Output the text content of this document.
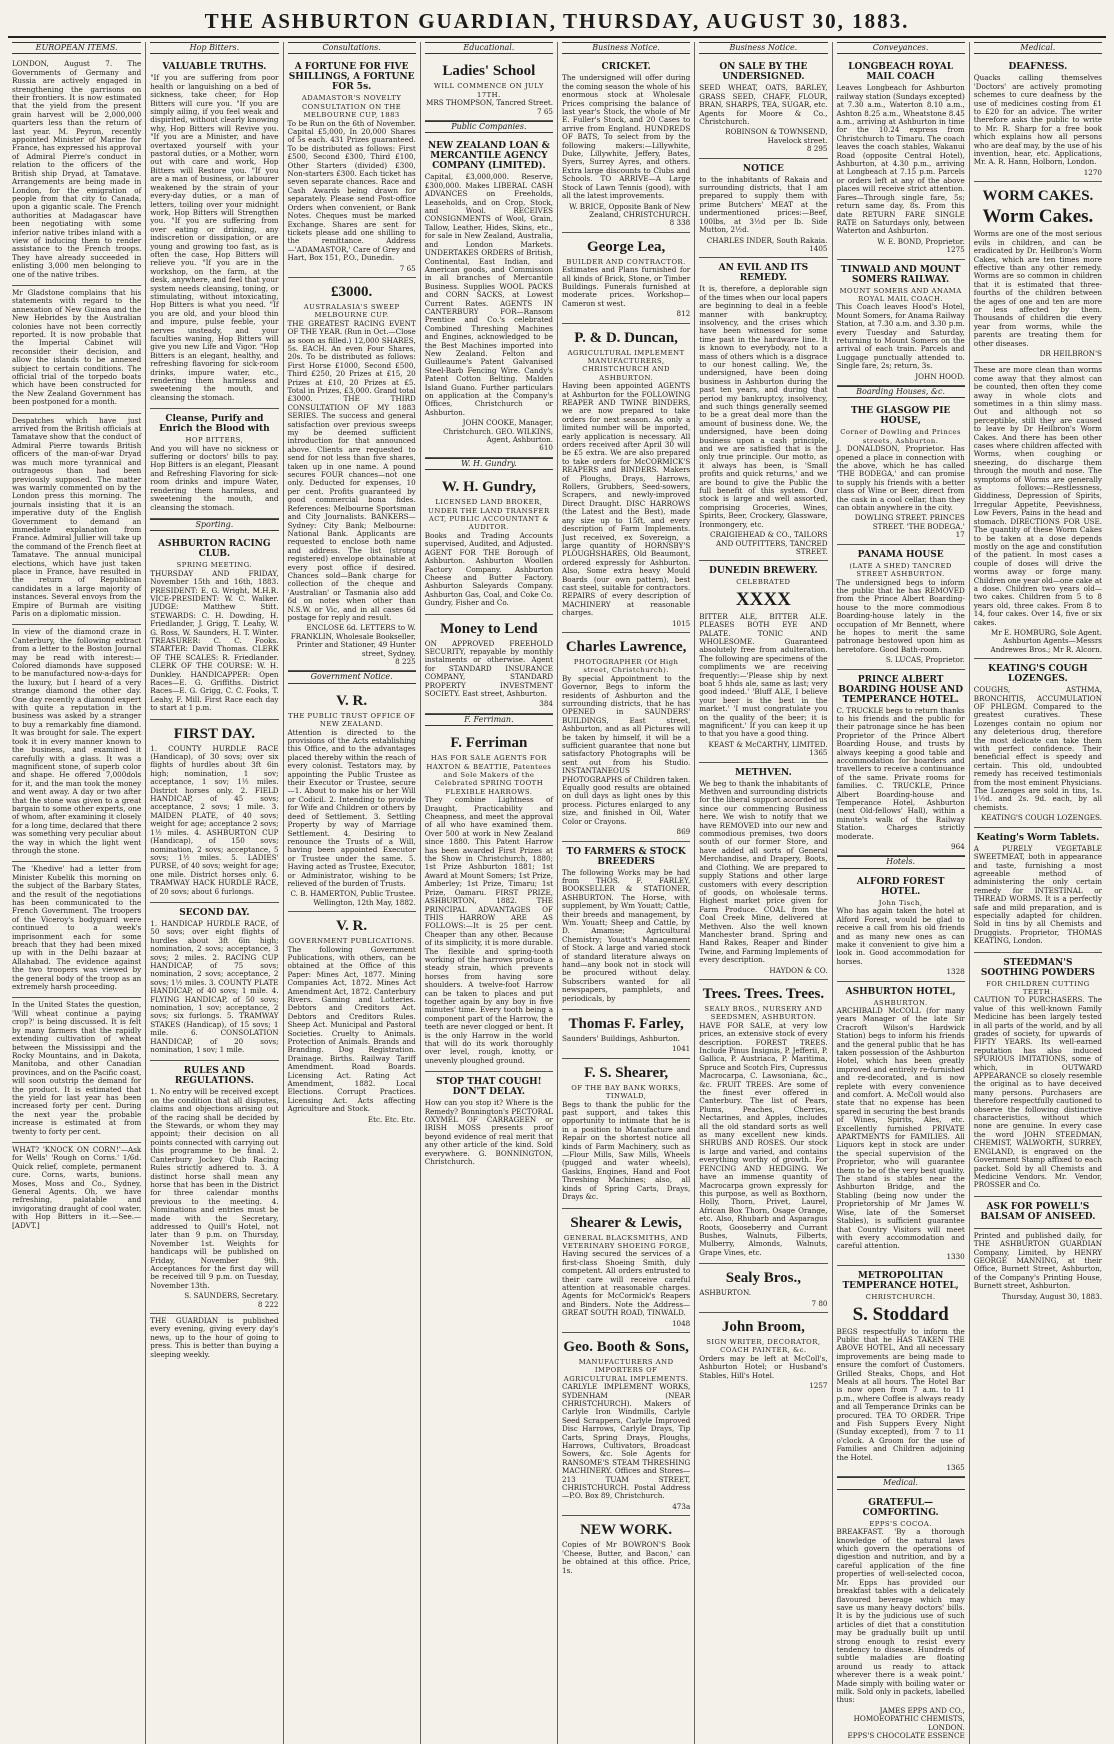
THE ASHBURTON GUARDIAN, THURSDAY, AUGUST 30, 1883.
EUROPEAN ITEMS.

LONDON, August 7. The Governments of Germany and Russia are actively engaged in strengthening the garrisons on their frontiers. It is now estimated that the yield from the present grain harvest will be 2,000,000 quarters less than the return of last year. M. Peyron, recently appointed Minister of Marine for France, has expressed his approval of Admiral Pierre's conduct in relation to the officers of the British ship Dryad, at Tamatave. Arrangements are being made in London, for the emigration of people from that city to Canada, upon a gigantic scale. The French authorities at Madagascar have been negotiating with some inferior native tribes inland with a view of inducing them to render assistance to the French troops. They have already succeeded in enlisting 3,000 men belonging to one of the native tribes.

Mr Gladstone complains that his statements with regard to the annexation of New Guinea and the New Hebrides by the Australian colonies have not been correctly reported. It is now probable that the Imperial Cabinet will reconsider their decision, and allow the islands to be annexed subject to certain conditions. The official trial of the torpedo boats which have been constructed for the New Zealand Government has been postponed for a month.

Despatches which have just arrived from the British officials at Tamatave show that the conduct of Admiral Pierre towards British officers of the man-of-war Dryad was much more tyrannical and outrageous than had been previously supposed. The matter was warmly commented on by the London press this morning. The journals insisting that it is an imperative duty of the English Government to demand an immediate explanation from France. Admiral Jullier will take up the command of the French fleet at Tamatave. The annual municipal elections, which have just taken place in France, have resulted in the return of Republican candidates in a large majority of instances. Several envoys from the Empire of Burmah are visiting Paris on a diplomatic mission.

In view of the diamond craze in Canterbury, the following extract from a letter to the Boston Journal may be read with interest:—Colored diamonds have supposed to be manufactured now-a-days for the luxury, but I heard of a very strange diamond the other day. One day recently a diamond expert with quite a reputation in the business was asked by a stranger to buy a remarkably fine diamond. It was brought for sale. The expert took it in every manner known to the business, and examined it carefully with a glass. It was a magnificent stone, of superb color and shape. He offered 7,000dols for it, and the man took the money and went away. A day or two after that the stone was given to a great bargain to some other experts, one of whom, after examining it closely for a long time, declared that there was something very peculiar about the way in which the light went through the stone.

The 'Khedive' had a letter from Minister Kubelik this morning on the subject of the Barbary States, and the result of the negotiations has been communicated to the French Government. The troopers of the Viceroy's bodyguard were continued to a week's imprisonment each for some breach that they had been mixed up with in the Delhi bazaar at Allahabad. The evidence against the two troopers was viewed by the general body of the troop as an extremely harsh proceeding.

In the United States the question, 'Will wheat continue a paying crop?' is being discussed. It is felt by many farmers that the rapidly extending cultivation of wheat between the Mississippi and the Rocky Mountains, and in Dakota, Manitoba, and other Canadian provinces, and on the Pacific coast, will soon outstrip the demand for the product. It is estimated that the yield for last year has been increased forty per cent. During the next year the probable increase is estimated at from twenty to forty per cent.

WHAT? 'KNOCK ON CORN!'—Ask for Wells' 'Rough on Corns.' 1/6d. Quick relief, complete, permanent cure. Corns, warts, bunions. Moses, Moss and Co., Sydney, General Agents. Oh, we have refreshing, palatable and invigorating draught of cool water, with Hop Bitters in it.—See.—[ADVT.]

Hop Bitters.
VALUABLE TRUTHS.

"If you are suffering from poor health or languishing on a bed of sickness, take cheer, for Hop Bitters will cure you. "If you are simply ailing, if you feel weak and dispirited, without clearly knowing why, Hop Bitters will Revive you. "If you are a Minister, and have overtaxed yourself with your pastoral duties, or a Mother, worn out with care and work, Hop Bitters will Restore you. "If you are a man of business, or labourer weakened by the strain of your every-day duties, or a man of letters, toiling over your midnight work, Hop Bitters will Strengthen you. "If you are suffering from over eating or drinking, any indiscretion or dissipation, or are young and growing too fast, as is often the case, Hop Bitters will relieve you. "If you are in the workshop, on the farm, at the desk, anywhere, and feel that your system needs cleansing, toning, or stimulating, without intoxicating, Hop Bitters is what you need. "If you are old, and your blood thin and impure, pulse feeble, your nerves unsteady, and your faculties waning, Hop Bitters will give you new Life and Vigor. "Hop Bitters is an elegant, healthy, and refreshing flavoring for sick-room drinks, impure water, etc., rendering them harmless and sweetening the mouth, and cleansing the stomach.

Cleanse, Purify and Enrich the Blood with
HOP BITTERS,

And you will have no sickness or suffering or doctors' bills to pay. Hop Bitters is an elegant, Pleasant and Refreshing Flavoring for sick-room drinks and impure Water, rendering them harmless, and sweetening the mouth, and cleansing the stomach.

Sporting.
ASHBURTON RACING CLUB.
SPRING MEETING.

THURSDAY AND FRIDAY, November 15th and 16th, 1883. PRESIDENT: E. G. Wright, M.H.R. VICE-PRESIDENT: W. C. Walker. JUDGE: Matthew Stitt. STEWARDS: C. H. Dowding, H. Friedlander, J. Grigg, T. Leahy, W. G. Ross, W. Saunders, H. T. Winter. TREASURER: C. C. Fooks. STARTER: David Thomas. CLERK OF THE SCALES: R. Friedlander. CLERK OF THE COURSE: W. H. Dunkley. HANDICAPPER: Open Races—E. G. Griffiths. District Races—E. G. Grigg, C. C. Fooks, T. Leahy, F. Mill. First Race each day to start at 1 p.m.

FIRST DAY.

1. COUNTY HURDLE RACE (Handicap), of 30 sovs; over six flights of hurdles about 3ft 6in high; nomination, 1 sov; acceptance, 1 sov; 1½ miles. District horses only. 2. FIELD HANDICAP, of 45 sovs; acceptance, 2 sovs; 1 mile. 3. MAIDEN PLATE, of 40 sovs; weight for age; acceptance 2 sovs; 1½ miles. 4. ASHBURTON CUP (Handicap), of 150 sovs; nomination, 2 sovs; acceptance, 5 sovs; 1½ miles. 5. LADIES' PURSE, of 40 sovs; weight for age; one mile. District horses only. 6. TRAMWAY HACK HURDLE RACE, of 20 sovs; about 6 furlongs.

SECOND DAY.

1. HANDICAP HURDLE RACE, of 50 sovs; over eight flights of hurdles about 3ft 6in high; nomination, 2 sovs; acceptance, 3 sovs; 2 miles. 2. RACING CUP HANDICAP, of 75 sovs; nomination, 2 sovs; acceptance, 2 sovs; 1½ miles. 3. COUNTY PLATE HANDICAP, of 40 sovs; 1 mile. 4. FLYING HANDICAP, of 50 sovs; nomination, 1 sov; acceptance, 2 sovs; six furlongs. 5. TRAMWAY STAKES (Handicap), of 15 sovs; 1 mile. 6. CONSOLATION HANDICAP, of 20 sovs; nomination, 1 sov; 1 mile.

RULES AND REGULATIONS.

1. No entry will be received except on the condition that all disputes, claims and objections arising out of the racing shall be decided by the Stewards, or whom they may appoint; their decision on all points connected with carrying out this programme to be final. 2. Canterbury Jockey Club Racing Rules strictly adhered to. 3. A distinct horse shall mean any horse that has been in the District for three calendar months previous to the meeting. 4. Nominations and entries must be made with the Secretary, addressed to Quill's Hotel, not later than 9 p.m. on Thursday, November 1st. Weights for handicaps will be published on Friday, November 9th. Acceptances for the first day will be received till 9 p.m. on Tuesday, November 13th.

S. SAUNDERS, Secretary.
8 222

THE GUARDIAN is published every evening, giving every day's news, up to the hour of going to press. This is better than buying a sleeping weekly.

Consultations.
A FORTUNE FOR FIVE SHILLINGS, A FORTUNE FOR 5s.
ADAMASTOR'S NOVELTY CONSULTATION ON THE MELBOURNE CUP, 1883

To be Run on the 6th of November. Capital £5,000, In 20,000 Shares of 5s each. 431 Prizes guaranteed. To be distributed as follows: First £500, Second £300, Third £100, Other Starters (divided) £300, Non-starters £300. Each ticket has seven separate chances. Race and Cash Awards being drawn for separately. Please send Post-office Orders when convenient, or Bank Notes. Cheques must be marked Exchange. Shares are sent for tickets please add one shilling to the remittance. Address—'ADAMASTOR,' Care of Grey and Hart, Box 151, P.O., Dunedin.

7 65
£3000.
AUSTRALASIA'S SWEEP MELBOURNE CUP.

THE GREATEST RACING EVENT OF THE YEAR. (Run in Oct.—Close as soon as filled.) 12,000 SHARES, 5s. EACH. An even Four Shares, 20s. To be distributed as follows: First Horse £1000, Second £500, Third £250, 20 Prizes at £15, 20 Prizes at £10, 20 Prizes at £5. Total in Prizes, £3,000. Grand total £3000. THE THIRD CONSULTATION OF MY 1883 SERIES. The success and general satisfaction over previous sweeps my be deemed sufficient introduction for that announced above. Clients are requested to send for not less than five shares, taken up in one name. A pound secures FOUR chances—not one only. Deducted for expenses, 10 per cent. Profits guaranteed by good commercial bona fides. References: Melbourne Sportsman and City Journalists. BANKERS—Sydney: City Bank; Melbourne: National Bank. Applicants are requested to enclose both name and address. The list (strong registered) envelope obtainable at every post office if desired. Chances sold—Bank charge for collection of the cheque and 'Australian' or Tasmania also add 6d on notes when other than N.S.W. or Vic, and in all cases 6d postage for reply and result.

ENCLOSE 6d. LETTERS to W. FRANKLIN, Wholesale Bookseller, Printer and Stationer, 49 Hunter street, Sydney.
8 225
Government Notice.
V. R.
THE PUBLIC TRUST OFFICE OF NEW ZEALAND.

Attention is directed to the provisions of the Acts establishing this Office, and to the advantages placed thereby within the reach of every colonist. Testators may, by appointing the Public Trustee as their Executor or Trustee, secure—1. About to make his or her Will or Codicil. 2. Intending to provide for Wife and Children or others by deed of Settlement. 3. Settling Property by way of Marriage Settlement. 4. Desiring to renounce the Trusts of a Will, having been appointed Executor or Trustee under the same. 5. Having acted as Trustee, Executor, or Administrator, wishing to be relieved of the burden of Trusts.

C. B. HAMERTON, Public Trustee. Wellington, 12th May, 1882.
V. R.
GOVERNMENT PUBLICATIONS.

The following Government Publications, with others, can be obtained at the Office of this Paper: Mines Act, 1877. Mining Companies Act, 1872. Mines Act Amendment Act, 1872. Canterbury Rivers. Gaming and Lotteries. Debtors and Creditors Act. Debtors and Creditors Rules. Sheep Act. Municipal and Pastoral Societies. Cruelty to Animals. Protection of Animals. Brands and Branding. Dog Registration. Drainage. Births. Railway Tariff Amendment. Road Boards. Licensing Act. Rating Act Amendment, 1882. Local Elections. Corrupt Practices. Licensing Act. Acts affecting Agriculture and Stock.

Etc. Etc. Etc.
Educational.
Ladies' School
WILL COMMENCE ON JULY 17TH.
MRS THOMPSON, Tancred Street.
7 65
Public Companies.
NEW ZEALAND LOAN & MERCANTILE AGENCY COMPANY (LIMITED).

Capital, £3,000,000. Reserve, £300,000. Makes LIBERAL CASH ADVANCES on Freeholds, Leaseholds, and on Crop, Stock, and Wool. RECEIVES CONSIGNMENTS of Wool, Grain, Tallow, Leather, Hides, Skins, etc., for sale in New Zealand, Australia, and London Markets. UNDERTAKES ORDERS of British, Continental, East Indian, and American goods, and Commission in all branches of Mercantile Business. Supplies WOOL PACKS and CORN SACKS, at Lowest Current Rates. AGENTS IN CANTERBURY FOR—Ransom Prentice and Co.'s celebrated Combined Threshing Machines and Engines, acknowledged to be the Best Machines imported into New Zealand. Felton and Guilleaume's Patent Galvanised Steel-Barb Fencing Wire. Candy's Patent Cotton Belting. Malden Island Guano. Further particulars on application at the Company's Offices, Christchurch or Ashburton.

JOHN COOKE, Manager, Christchurch. GEO. WILKINS, Agent, Ashburton.
610
W. H. Gundry.
W. H. Gundry,
LICENSED LAND BROKER, UNDER THE LAND TRANSFER ACT, PUBLIC ACCOUNTANT & AUDITOR.

Books and Trading Accounts supervised, Audited, and Adjusted. AGENT FOR THE Borough of Ashburton. Ashburton Woollen Factory Company. Ashburton Cheese and Butter Factory. Ashburton Saleyards Company. Ashburton Gas, Coal, and Coke Co. Gundry, Fisher and Co.

Money to Lend

ON APPROVED FREEHOLD SECURITY, repayable by monthly instalments or otherwise. Agent for STANDARD INSURANCE COMPANY, STANDARD PROPERTY INVESTMENT SOCIETY. East street, Ashburton.

384
F. Ferriman.
F. Ferriman
HAS FOR SALE AGENTS FOR HAXTON & BEATTIE, Patentees and Sole Makers of the Celebrated SPRING TOOTH FLEXIBLE HARROWS.

They combine Lightness of Draught, Practicability and Cheapness, and meet the approval of all who have examined them. Over 500 at work in New Zealand since 1880. This Patent Harrow has been awarded First Prizes at the Show in Christchurch, 1880; 1st Prize Ashburton 1881; 1st Award at Mount Somers; 1st Prize, Amberley; 1st Prize, Timaru; 1st Prize, Oamaru. FIRST PRIZE, ASHBURTON, 1882. THE PRINCIPAL ADVANTAGES OF THIS HARROW ARE AS FOLLOWS:—It is 25 per cent. Cheaper than any other. Because of its simplicity, it is more durable. The flexible and spring-tooth working of the harrows produce a steady strain, which prevents horses from having sore shoulders. A twelve-foot Harrow can be taken to places and put together again by any boy in five minutes' time. Every tooth being a component part of the Harrow, the teeth are never clogged or bent. It is the only Harrow in the world that will do its work thoroughly over level, rough, knotty, or unevenly ploughed ground.

STOP THAT COUGH! DON'T DELAY.

How can you stop it? Where is the Remedy? Bonnington's PECTORAL OXYMEL OF CARRAGEEN or IRISH MOSS presents proof beyond evidence of real merit that any other article of the kind. Sold everywhere. G. BONNINGTON, Christchurch.

Business Notice.
CRICKET.

The undersigned will offer during the coming season the whole of his enormous stock at Wholesale Prices comprising the balance of last year's Stock, the whole of Mr E. Fuller's Stock, and 20 Cases to arrive from England. HUNDREDS OF BATS, To select from by the following makers:—Lillywhite, Duke, Lillywhite, Jeffery, Bates, Syers, Surrey Ayres, and others. Extra large discounts to Clubs and Schools. TO ARRIVE—A Large Stock of Lawn Tennis (good), with all the latest improvements.

W. BRICE, Opposite Bank of New Zealand, CHRISTCHURCH.
8 338
George Lea,
BUILDER AND CONTRACTOR.

Estimates and Plans furnished for all kinds of Brick, Stone, or Timber Buildings. Funerals furnished at moderate prices. Workshop—Cameron st west.

812
P. & D. Duncan,
AGRICULTURAL IMPLEMENT MANUFACTURERS, CHRISTCHURCH AND ASHBURTON.

Having been appointed AGENTS at Ashburton for the FOLLOWING REAPER AND TWINE BINDERS, we are now prepared to take orders for next season. As only a limited number will be imported, early application is necessary. All orders received after April 30 will be £5 extra. We are also prepared to take orders for McCORMICK'S REAPERS and BINDERS. Makers of Ploughs, Drays, Harrows, Rollers, Grubbers, Seed-sowers, Scrapers, and newly-improved Direct Draught. DISC HARROWS (the Latest and the Best), made any size up to 15ft, and every description of Farm Implements. Just received, ex Sovereign, a large quantity of HORNSBY'S PLOUGHSHARES, Old Beaumont, ordered expressly for Ashburton. Also, Some extra heavy Mould Boards (our own pattern), best cast steel, suitable for contractors. REPAIRS of every description of MACHINERY at reasonable charges.

1015
Charles Lawrence,
PHOTOGRAPHER (Of High street, Christchurch).

By special Appointment to the Governor, Begs to inform the residents of Ashburton and the surrounding districts, that he has OPENED in SAUNDERS' BUILDINGS, East street, Ashburton, and as all Pictures will be taken by himself, it will be a sufficient guarantee that none but satisfactory Photographs will be sent out from his Studio. INSTANTANEOUS PHOTOGRAPHS of Children taken. Equally good results are obtained on dull days as light ones by this process. Pictures enlarged to any size, and finished in Oil, Water Color or Crayons.

869
TO FARMERS & STOCK BREEDERS

The following Works may be had from THOS. F. FARLEY, BOOKSELLER & STATIONER, ASHBURTON. The Horse, with supplement, by Wm Youatt; Cattle, their breeds and management, by Wm. Youatt; Sheep and Cattle, by D. Amamse; Agricultural Chemistry; Youatt's Management of Stock. A large and varied stock of standard literature always on hand—any book not in stock will be procured without delay. Subscribers wanted for all newspapers, pamphlets, and periodicals, by

Thomas F. Farley,

Saunders' Buildings, Ashburton.

1041
F. S. Shearer,
OF THE BAY BANK WORKS, TINWALD,

Begs to thank the public for the past support, and takes this opportunity to intimate that he is in a position to Manufacture and Repair on the shortest notice all kinds of Farm Machinery, such as—Flour Mills, Saw Mills, Wheels (pugged and water wheels), Gaskins, Engines, Hand and Foot Threshing Machines; also, all kinds of Spring Carts, Drays, Drays &c.

Shearer & Lewis,
GENERAL BLACKSMITHS, AND VETERINARY SHOEING FORGE,

Having secured the services of a first-class Shoeing Smith, duly competent. All orders entrusted to their care will receive careful attention at reasonable charges. Agents for McCormick's Reapers and Binders. Note the Address—GREAT SOUTH ROAD, TINWALD.

1048
Geo. Booth & Sons,
MANUFACTURERS AND IMPORTERS OF AGRICULTURAL IMPLEMENTS.

CARLYLE IMPLEMENT WORKS, SYDENHAM (NEAR CHRISTCHURCH). Makers of Carlyle Iron Windmills, Carlyle Seed Scrappers, Carlyle Improved Disc Harrows, Carlyle Drays, Tip Carts, Spring Drays, Ploughs, Harrows, Cultivators, Broadcast Sowers, &c. Sole Agents for RANSOME'S STEAM THRESHING MACHINERY. Offices and Stores—213 TUAM STREET, CHRISTCHURCH. Postal Address—P.O. Box 89, Christchurch.

473a
NEW WORK.

Copies of Mr BOWRON'S Book 'Cheese, Butter, and Bacon,' can be obtained at this office. Price, 1s.

Business Notice.
ON SALE BY THE UNDERSIGNED.

SEED WHEAT, OATS, BARLEY, GRASS SEED, CHAFF, FLOUR, BRAN, SHARPS, TEA, SUGAR, etc. Agents for Moore & Co., Christchurch.

ROBINSON & TOWNSEND, Havelock street.
8 295
NOTICE

to the inhabitants of Rakaia and surrounding districts, that I am prepared to supply them with prime Butchers' MEAT at the undermentioned prices:—Beef, 100lbs, at 3½d per lb. Side Mutton, 2½d.

CHARLES INDER, South Rakaia.
1405
AN EVIL AND ITS REMEDY.

It is, therefore, a deplorable sign of the times when our local papers are beginning to deal in a feeble manner with bankruptcy, insolvency, and the crises which have been witnessed for some time past in the hardware line. It is known to everybody, not to a mass of others which is a disgrace to our honest calling. We, the undersigned, have been doing business in Ashburton during the past ten years, and during that period my bankruptcy, insolvency, and such things generally seemed to be a great deal more than the amount of business done. We, the undersigned, have been doing business upon a cash principle, and we are satisfied that is the only true principle. Our motto, as it always has been, is 'Small profits and quick returns,' and we are bound to give the Public the full benefit of this system. Our stock is large and well assorted, comprising Groceries, Wines, Spirits, Beer, Crockery, Glassware, Ironmongery, etc.

CRAIGIEHEAD & CO., TAILORS AND OUTFITTERS, TANCRED STREET.
DUNEDIN BREWERY.
CELEBRATED
XXXX

BITTER ALE, BITTER ALE. PLEASES BOTH EYE AND PALATE. TONIC AND WHOLESOME. Guaranteed absolutely free from adulteration. The following are specimens of the compliments we are receiving frequently:—'Please ship by next boat 5 hhds ale, same as last; very good indeed.' 'Bluff ALE, I believe your beer is the best in the market.' 'I must congratulate you on the quality of the beer; it is magnificent.' If you can keep it up to that you have a good thing.

KEAST & McCARTHY, LIMITED.
1365
METHVEN.

We beg to thank the inhabitants of Methven and surrounding districts for the liberal support accorded us since our commencing Business here. We wish to notify that we have REMOVED into our new and commodious premises, two doors south of our former Store, and have added all sorts of General Merchandise, and Drapery, Boots, and Clothing. We are prepared to supply Stations and other large customers with every description of goods, on wholesale terms. Highest market price given for Farm Produce. COAL from the Coal Creek Mine, delivered at Methven. Also the well known Manchester brand. Spring and Hand Rakes, Reaper and Binder Twine, and Farming Implements of every description.

HAYDON & CO.
Trees. Trees. Trees.
SEALY BROS., NURSERY AND SEEDSMEN, ASHBURTON.

HAVE FOR SALE, at very low prices, an extensive stock of every description. FOREST TREES. Include Pinus Insignis, P. Jefferii, P. Gallica, P. Austriaca, P. Maritima, Spruce and Scotch Firs, Cupressus Macrocarpa, C. Lawsoniana, &c., &c. FRUIT TREES. Are some of the finest ever offered in Canterbury. The list of Pears, Plums, Peaches, Cherries, Nectarines, and Apples, includes all the old standard sorts as well as many excellent new kinds. SHRUBS AND ROSES. Our stock is large and varied, and contains everything worthy of growth. For FENCING AND HEDGING. We have an immense quantity of Macrocarpa grown expressly for this purpose, as well as Boxthorn, Holly, Thorn, Privet, Laurel, African Box Thorn, Osage Orange, etc. Also, Rhubarb and Asparagus Roots, Gooseberry and Currant Bushes, Walnuts, Filberts, Mulberry, Almonds, Walnuts, Grape Vines, etc.

Sealy Bros.,

ASHBURTON.

7 80
John Broom,
SIGN WRITER, DECORATOR, COACH PAINTER, &c.

Orders may be left at McColl's, Ashburton Hotel; or Husband's Stables, Hill's Hotel.

1257
Conveyances.
LONGBEACH ROYAL MAIL COACH

Leaves Longbeach for Ashburton railway station (Sundays excepted) at 7.30 a.m., Waterton 8.10 a.m., Ashton 8.25 a.m., Wheatstone 8.45 a.m., arriving at Ashburton in time for the 10.24 express from Christchurch to Timaru. The coach leaves the coach stables, Wakanui Road (opposite Central Hotel), Ashburton, at 4.30 p.m., arriving at Longbeach at 7.15 p.m. Parcels or orders left at any of the above places will receive strict attention. Fares—Through single fare, 5s; return same day, 8s. From this date RETURN FARE SINGLE RATE on Saturdays only, between Waterton and Ashburton.

W. E. BOND, Proprietor.
1275
TINWALD AND MOUNT SOMERS RAILWAY.
MOUNT SOMERS AND ANAMA ROYAL MAIL COACH.

This Coach leaves Hood's Hotel, Mount Somers, for Anama Railway Station, at 7.30 a.m. and 3.30 p.m. every Tuesday and Saturday, returning to Mount Somers on the arrival of each train. Parcels and Luggage punctually attended to. Single fare, 2s; return, 3s.

JOHN HOOD.
Boarding Houses, &c.
THE GLASGOW PIE HOUSE,
Corner of Dowling and Princes streets, Ashburton.

J. DONALDSON, Proprietor. Has opened a place in connection with the above, which he has called 'THE BODEGA,' and can promise to supply his friends with a better class of Wine or Beer, direct from the cask in a cool cellar, than they can obtain anywhere in the city.

DOWLING STREET. PRINCES STREET. 'THE BODEGA.'
17
PANAMA HOUSE
(LATE A SHED) TANCRED STREET ASHBURTON.

The undersigned begs to inform the public that he has REMOVED from the Prince Albert Boarding-house to the more commodious Boarding-house lately in the occupation of Mr Bennett, where he hopes to merit the same patronage bestowed upon him as heretofore. Good Bath-room.

S. LUCAS, Proprietor.
PRINCE ALBERT BOARDING HOUSE AND TEMPERANCE HOTEL.

C. TRUCKLE begs to return thanks to his friends and the public for their patronage since he has been Proprietor of the Prince Albert Boarding House, and trusts by always keeping a good table and accommodation for boarders and travellers to receive a continuance of the same. Private rooms for families. C. TRUCKLE, Prince Albert Boarding-house and Temperance Hotel, Ashburton (next Old-fellows' Hall), within a minute's walk of the Railway Station. Charges strictly moderate.

964
Hotels.
ALFORD FOREST HOTEL.
John Tisch,

Who has again taken the hotel at Alford Forest, would be glad to receive a call from his old friends and as many new ones as can make it convenient to give him a look in. Good accommodation for horses.

1328
ASHBURTON HOTEL,
ASHBURTON.

ARCHIBALD McCOLL (for many years Manager of the late Sir Cracroft Wilson's Hardwick Station) begs to inform his friends and the general public that he has taken possession of the Ashburton Hotel, which has been greatly improved and entirely re-furnished and re-decorated, and is now replete with every convenience and comfort. A. McColl would also state that no expense has been spared in securing the best brands of Wines, Spirits, Ales, etc. Excellently furnished PRIVATE APARTMENTS for FAMILIES. All Liquors kept in stock are under the special supervision of the Proprietor, who will guarantee them to be of the very best quality. The stand is stables near the Ashburton Bridge, and the Stabling (being now under the Proprietorship of Mr James W. Wise, late of the Somerset Stables), is sufficient guarantee that Country Visitors will meet with every accommodation and careful attention.

1330
METROPOLITAN TEMPERANCE HOTEL,
CHRISTCHURCH.
S. Stoddard

BEGS respectfully to inform the Public that he HAS TAKEN THE ABOVE HOTEL, And all necessary improvements are being made to ensure the comfort of Customers. Grilled Steaks, Chops, and Hot Meals at all hours. The Hotel Bar is now open from 7 a.m. to 11 p.m., where Coffee is always ready and all Temperance Drinks can be procured. TEA TO ORDER. Tripe and Fish Suppers Every Night (Sunday excepted), from 7 to 11 o'clock. A Groom for the use of Families and Children adjoining the Hotel.

1365
Medical.
GRATEFUL—COMFORTING.
EPPS'S COCOA.

BREAKFAST. 'By a thorough knowledge of the natural laws which govern the operations of digestion and nutrition, and by a careful application of the fine properties of well-selected cocoa, Mr. Epps has provided our breakfast tables with a delicately flavoured beverage which may save us many heavy doctors' bills. It is by the judicious use of such articles of diet that a constitution may be gradually built up until strong enough to resist every tendency to disease. Hundreds of subtle maladies are floating around us ready to attack wherever there is a weak point.' Made simply with boiling water or milk. Sold only in packets, labelled thus:

JAMES EPPS AND CO., HOMOEOPATHIC CHEMISTS, LONDON.
EPPS'S CHOCOLATE ESSENCE
Medical.
DEAFNESS.

Quacks calling themselves 'Doctors' are actively promoting schemes to cure deafness by the use of medicines costing from £1 to £20 for an advice. The writer therefore asks the public to write to Mr. R. Sharp for a free book which explains how all persons who are deaf may, by the use of his invention, hear, etc. Applications, Mr. A. R. Hann, Holborn, London.

1270
WORM CAKES.
Worm Cakes.

Worms are one of the most serious evils in children, and can be eradicated by Dr. Heilbron's Worm Cakes, which are ten times more effective than any other remedy. Worms are so common in children that it is estimated that three-fourths of the children between the ages of one and ten are more or less affected by them. Thousands of children die every year from worms, while the parents are treating them for other diseases.

DR HEILBRON'S

These are more clean than worms come away that they almost can be counted, then often they come away in whole clots and sometimes in a thin slimy mass. Out and although not so perceptible, still they are caused to leave by Dr Heilbron's Worm Cakes. And there has been other cases where children affected with Worms, when coughing or sneezing, do discharge them through the mouth and nose. The symptoms of Worms are generally as follows:—Restlessness, Giddiness, Depression of Spirits, Irregular Appetite, Peevishness, Low Fevers, Pains in the head and stomach. DIRECTIONS FOR USE. The quantity of these Worm Cakes to be taken at a dose depends mostly on the age and constitution of the patient. In most cases a couple of doses will drive the worms away or forge many. Children one year old—one cake at a dose. Children two years old—two cakes. Children from 5 to 8 years old, three cakes. From 8 to 14, four cakes. Over 14, five or six cakes.

Mr E. HOMBURG, Sole Agent. Ashburton Agents—Messrs Andrewes Bros.; Mr R. Alcorn.
KEATING'S COUGH LOZENGES.

COUGHS, ASTHMA, BRONCHITIS, ACCUMULATION OF PHLEGM. Compared to the greatest curatives. These Lozenges contain no opium nor any deleterious drug, therefore the most delicate can take them with perfect confidence. Their beneficial effect is speedy and certain. This old, undoubted remedy has received testimonials from the most eminent Physicians. The Lozenges are sold in tins, 1s. 1½d. and 2s. 9d. each, by all chemists.

KEATING'S COUGH LOZENGES.
Keating's Worm Tablets.

A PURELY VEGETABLE SWEETMEAT, both in appearance and taste, furnishing a most agreeable method of administering the only certain remedy for INTESTINAL or THREAD WORMS. It is a perfectly safe and mild preparation, and is especially adapted for children. Sold in tins by all Chemists and Druggists. Proprietor, THOMAS KEATING, London.

STEEDMAN'S SOOTHING POWDERS
FOR CHILDREN CUTTING TEETH.

CAUTION TO PURCHASERS. The value of this well-known Family Medicine has been largely tested in all parts of the world, and by all grades of society, for upwards of FIFTY YEARS. Its well-earned reputation has also induced SPURIOUS IMITATIONS, some of which, in OUTWARD APPEARANCE so closely resemble the original as to have deceived many persons. Purchasers are therefore respectfully cautioned to observe the following distinctive characteristics, without which none are genuine. In every case the word JOHN STEEDMAN, CHEMIST, WALWORTH, SURREY, ENGLAND, is engraved on the Government Stamp affixed to each packet. Sold by all Chemists and Medicine Vendors. Mr. Vendor, PROSSER and Co.

ASK FOR POWELL'S BALSAM OF ANISEED.

Printed and published daily, for THE ASHBURTON GUARDIAN Company, Limited, by HENRY GEORGE MANNING, at their Office, Burnett Street, Ashburton, of the Company's Printing House, Burnett street, Ashburton.

Thursday, August 30, 1883.
